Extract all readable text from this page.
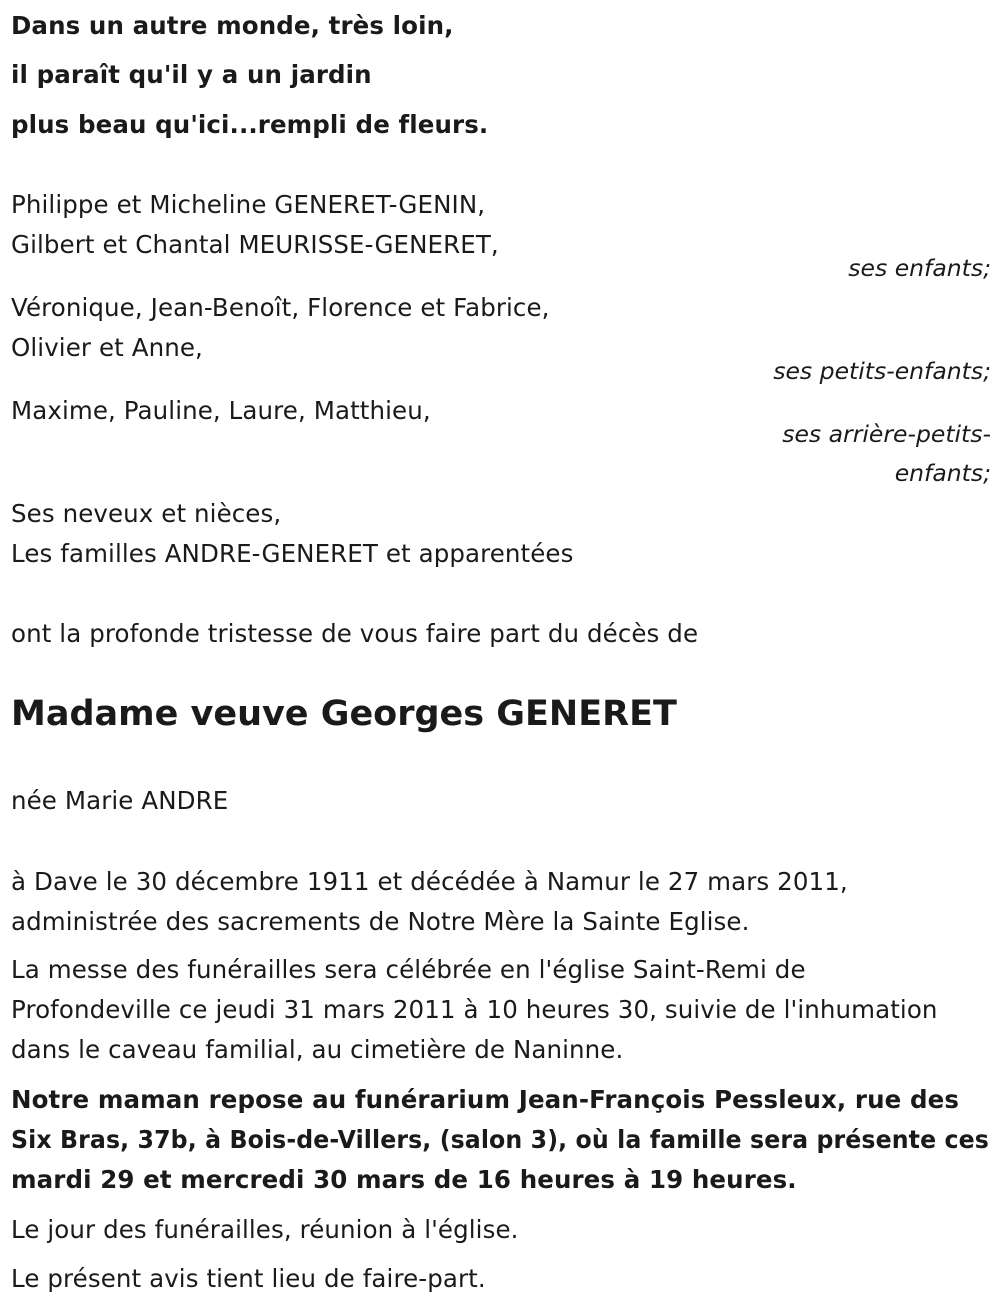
Dans un autre monde, très loin,
il paraît qu'il y a un jardin
plus beau qu'ici...rempli de fleurs.
Philippe et Micheline GENERET-GENIN,
Gilbert et Chantal MEURISSE-GENERET,
ses enfants;
Véronique, Jean-Benoît, Florence et Fabrice,
Olivier et Anne,
ses petits-enfants;
Maxime, Pauline, Laure, Matthieu,
ses arrière-petits-
enfants;
Ses neveux et nièces,
Les familles ANDRE-GENERET et apparentées
ont la profonde tristesse de vous faire part du décès de
Madame veuve Georges GENERET
née Marie ANDRE
à Dave le 30 décembre 1911 et décédée à Namur le 27 mars 2011,
administrée des sacrements de Notre Mère la Sainte Eglise.
La messe des funérailles sera célébrée en l'église Saint-Remi de
Profondeville ce jeudi 31 mars 2011 à 10 heures 30, suivie de l'inhumation
dans le caveau familial, au cimetière de Naninne.
Notre maman repose au funérarium Jean-François Pessleux, rue des
Six Bras, 37b, à Bois-de-Villers, (salon 3), où la famille sera présente ces
mardi 29 et mercredi 30 mars de 16 heures à 19 heures.
Le jour des funérailles, réunion à l'église.
Le présent avis tient lieu de faire-part.
